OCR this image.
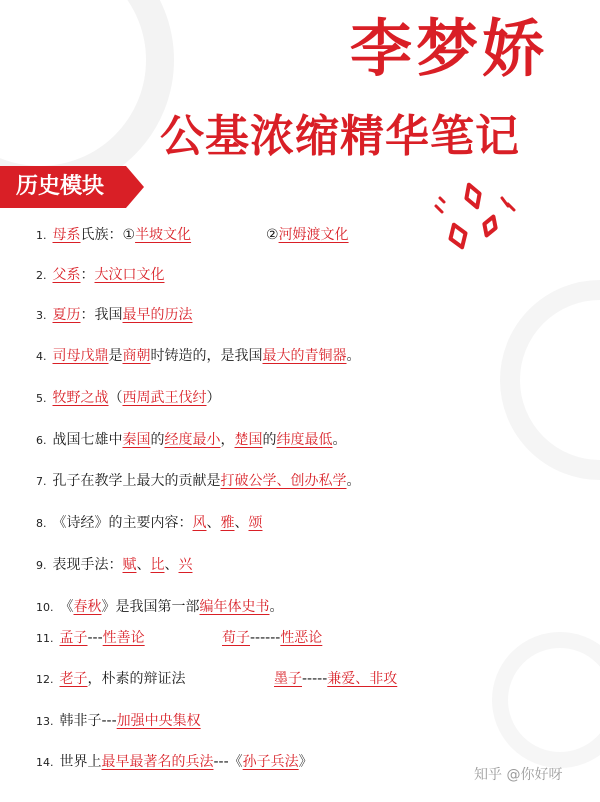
李梦娇
公基浓缩精华笔记
历史模块
1. 母系氏族：①半坡文化	②河姆渡文化
2. 父系：大汶口文化
3. 夏历：我国最早的历法
4. 司母戊鼎是商朝时铸造的，是我国最大的青铜器。
5. 牧野之战（西周武王伐纣）
6. 战国七雄中秦国的经度最小，楚国的纬度最低。
7. 孔子在教学上最大的贡献是打破公学、创办私学。
8. 《诗经》的主要内容：风、雅、颂
9. 表现手法：赋、比、兴
10. 《春秋》是我国第一部编年体史书。
11. 孟子---性善论	荀子------性恶论
12. 老子，朴素的辩证法	墨子-----兼爱、非攻
13. 韩非子---加强中央集权
14. 世界上最早最著名的兵法---《孙子兵法》
知乎 @你好呀
